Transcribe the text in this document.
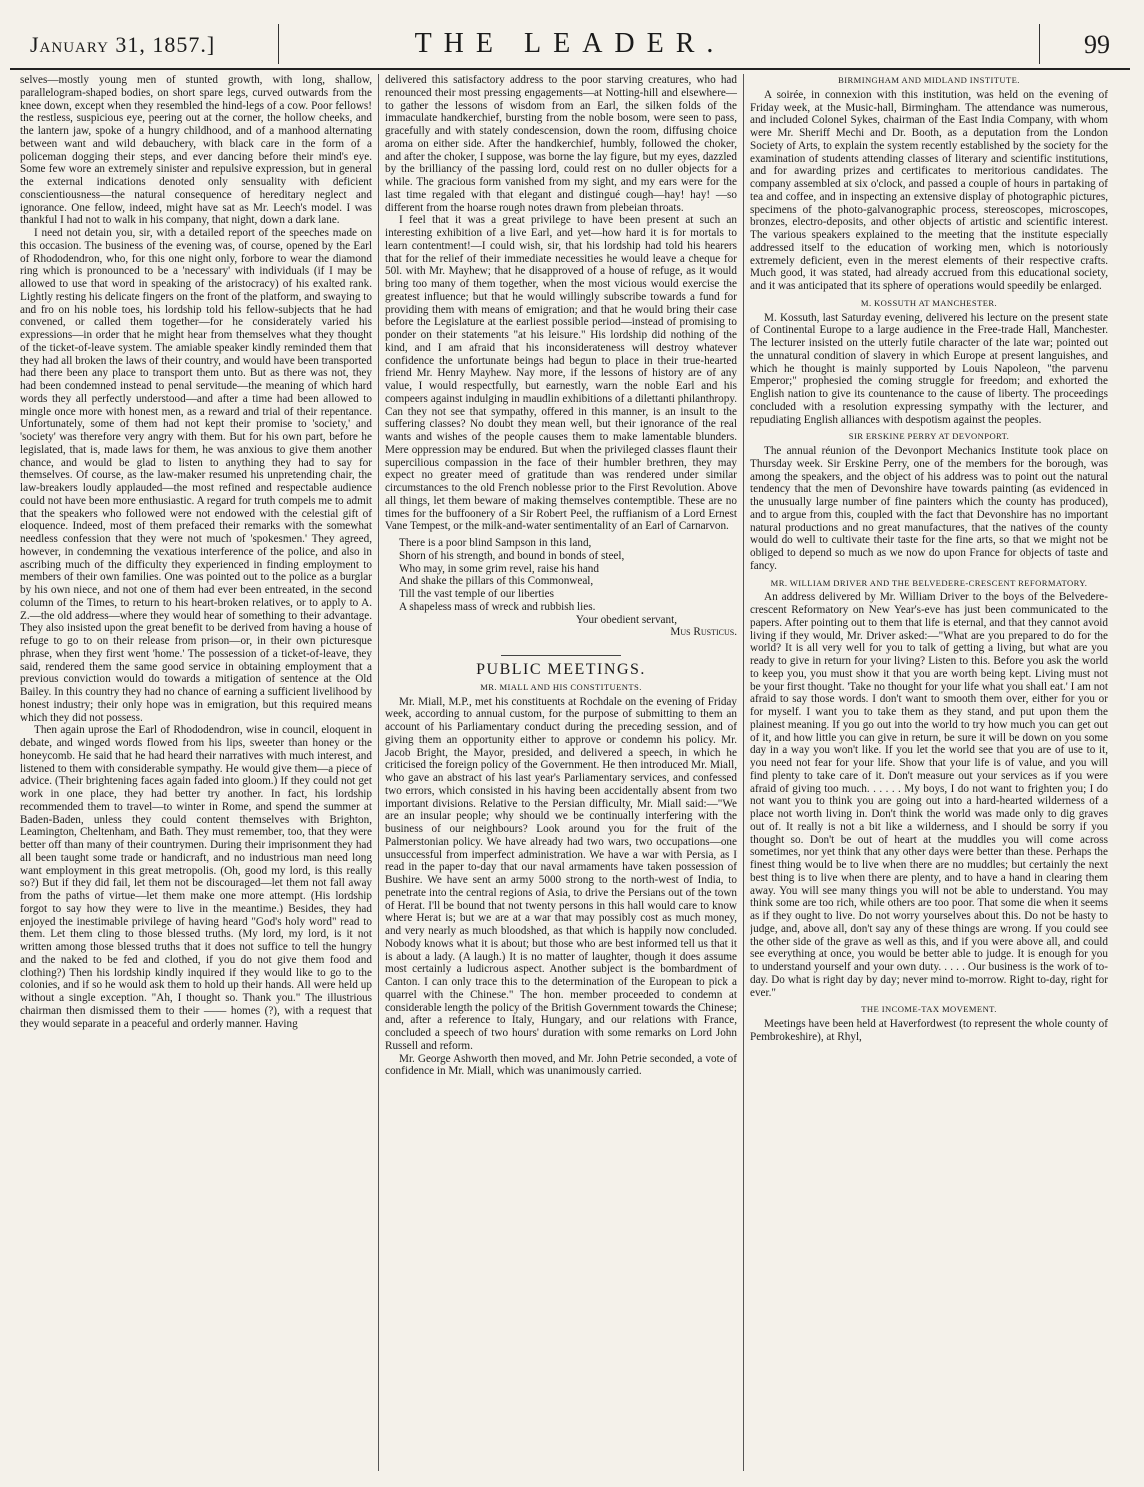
January 31, 1857.]	THE LEADER.	99

selves—mostly young men of stunted growth, with long, shallow, parallelogram-shaped bodies, on short spare legs, curved outwards from the knee down, except when they resembled the hind-legs of a cow. Poor fellows! the restless, suspicious eye, peering out at the corner, the hollow cheeks, and the lantern jaw, spoke of a hungry childhood, and of a manhood alternating between want and wild debauchery, with black care in the form of a policeman dogging their steps, and ever dancing before their mind's eye. Some few wore an extremely sinister and repulsive expression, but in general the external indications denoted only sensuality with deficient conscientiousness—the natural consequence of hereditary neglect and ignorance. One fellow, indeed, might have sat as Mr. Leech's model. I was thankful I had not to walk in his company, that night, down a dark lane.

I need not detain you, sir, with a detailed report of the speeches made on this occasion. The business of the evening was, of course, opened by the Earl of Rhododendron, who, for this one night only, forbore to wear the diamond ring which is pronounced to be a 'necessary' with individuals (if I may be allowed to use that word in speaking of the aristocracy) of his exalted rank. Lightly resting his delicate fingers on the front of the platform, and swaying to and fro on his noble toes, his lordship told his fellow-subjects that he had convened, or called them together—for he considerately varied his expressions—in order that he might hear from themselves what they thought of the ticket-of-leave system. The amiable speaker kindly reminded them that they had all broken the laws of their country, and would have been transported had there been any place to transport them unto. But as there was not, they had been condemned instead to penal servitude—the meaning of which hard words they all perfectly understood—and after a time had been allowed to mingle once more with honest men, as a reward and trial of their repentance. Unfortunately, some of them had not kept their promise to 'society,' and 'society' was therefore very angry with them. But for his own part, before he legislated, that is, made laws for them, he was anxious to give them another chance, and would be glad to listen to anything they had to say for themselves. Of course, as the law-maker resumed his unpretending chair, the law-breakers loudly applauded—the most refined and respectable audience could not have been more enthusiastic. A regard for truth compels me to admit that the speakers who followed were not endowed with the celestial gift of eloquence. Indeed, most of them prefaced their remarks with the somewhat needless confession that they were not much of 'spokesmen.' They agreed, however, in condemning the vexatious interference of the police, and also in ascribing much of the difficulty they experienced in finding employment to members of their own families. One was pointed out to the police as a burglar by his own niece, and not one of them had ever been entreated, in the second column of the Times, to return to his heart-broken relatives, or to apply to A. Z.—the old address—where they would hear of something to their advantage. They also insisted upon the great benefit to be derived from having a house of refuge to go to on their release from prison—or, in their own picturesque phrase, when they first went 'home.' The possession of a ticket-of-leave, they said, rendered them the same good service in obtaining employment that a previous conviction would do towards a mitigation of sentence at the Old Bailey. In this country they had no chance of earning a sufficient livelihood by honest industry; their only hope was in emigration, but this required means which they did not possess.

Then again uprose the Earl of Rhododendron, wise in council, eloquent in debate, and winged words flowed from his lips, sweeter than honey or the honeycomb. He said that he had heard their narratives with much interest, and listened to them with considerable sympathy. He would give them—a piece of advice. (Their brightening faces again faded into gloom.) If they could not get work in one place, they had better try another. In fact, his lordship recommended them to travel—to winter in Rome, and spend the summer at Baden-Baden, unless they could content themselves with Brighton, Leamington, Cheltenham, and Bath. They must remember, too, that they were better off than many of their countrymen. During their imprisonment they had all been taught some trade or handicraft, and no industrious man need long want employment in this great metropolis. (Oh, good my lord, is this really so?) But if they did fail, let them not be discouraged—let them not fall away from the paths of virtue—let them make one more attempt. (His lordship forgot to say how they were to live in the meantime.) Besides, they had enjoyed the inestimable privilege of having heard "God's holy word" read to them. Let them cling to those blessed truths. (My lord, my lord, is it not written among those blessed truths that it does not suffice to tell the hungry and the naked to be fed and clothed, if you do not give them food and clothing?) Then his lordship kindly inquired if they would like to go to the colonies, and if so he would ask them to hold up their hands. All were held up without a single exception. "Ah, I thought so. Thank you." The illustrious chairman then dismissed them to their —— homes (?), with a request that they would separate in a peaceful and orderly manner. Having

delivered this satisfactory address to the poor starving creatures, who had renounced their most pressing engagements—at Notting-hill and elsewhere—to gather the lessons of wisdom from an Earl, the silken folds of the immaculate handkerchief, bursting from the noble bosom, were seen to pass, gracefully and with stately condescension, down the room, diffusing choice aroma on either side. After the handkerchief, humbly, followed the choker, and after the choker, I suppose, was borne the lay figure, but my eyes, dazzled by the brilliancy of the passing lord, could rest on no duller objects for a while. The gracious form vanished from my sight, and my ears were for the last time regaled with that elegant and distingué cough—hay! hay! —so different from the hoarse rough notes drawn from plebeian throats.

I feel that it was a great privilege to have been present at such an interesting exhibition of a live Earl, and yet—how hard it is for mortals to learn contentment!—I could wish, sir, that his lordship had told his hearers that for the relief of their immediate necessities he would leave a cheque for 50l. with Mr. Mayhew; that he disapproved of a house of refuge, as it would bring too many of them together, when the most vicious would exercise the greatest influence; but that he would willingly subscribe towards a fund for providing them with means of emigration; and that he would bring their case before the Legislature at the earliest possible period—instead of promising to ponder on their statements "at his leisure." His lordship did nothing of the kind, and I am afraid that his inconsiderateness will destroy whatever confidence the unfortunate beings had begun to place in their true-hearted friend Mr. Henry Mayhew. Nay more, if the lessons of history are of any value, I would respectfully, but earnestly, warn the noble Earl and his compeers against indulging in maudlin exhibitions of a dilettanti philanthropy. Can they not see that sympathy, offered in this manner, is an insult to the suffering classes? No doubt they mean well, but their ignorance of the real wants and wishes of the people causes them to make lamentable blunders. Mere oppression may be endured. But when the privileged classes flaunt their supercilious compassion in the face of their humbler brethren, they may expect no greater meed of gratitude than was rendered under similar circumstances to the old French noblesse prior to the First Revolution. Above all things, let them beware of making themselves contemptible. These are no times for the buffoonery of a Sir Robert Peel, the ruffianism of a Lord Ernest Vane Tempest, or the milk-and-water sentimentality of an Earl of Carnarvon.

There is a poor blind Sampson in this land,
Shorn of his strength, and bound in bonds of steel,
Who may, in some grim revel, raise his hand
And shake the pillars of this Commonweal,
Till the vast temple of our liberties
A shapeless mass of wreck and rubbish lies.

Your obedient servant,

Mus Rusticus.

PUBLIC MEETINGS.
MR. MIALL AND HIS CONSTITUENTS.

Mr. Miall, M.P., met his constituents at Rochdale on the evening of Friday week, according to annual custom, for the purpose of submitting to them an account of his Parliamentary conduct during the preceding session, and of giving them an opportunity either to approve or condemn his policy. Mr. Jacob Bright, the Mayor, presided, and delivered a speech, in which he criticised the foreign policy of the Government. He then introduced Mr. Miall, who gave an abstract of his last year's Parliamentary services, and confessed two errors, which consisted in his having been accidentally absent from two important divisions. Relative to the Persian difficulty, Mr. Miall said:—"We are an insular people; why should we be continually interfering with the business of our neighbours? Look around you for the fruit of the Palmerstonian policy. We have already had two wars, two occupations—one unsuccessful from imperfect administration. We have a war with Persia, as I read in the paper to-day that our naval armaments have taken possession of Bushire. We have sent an army 5000 strong to the north-west of India, to penetrate into the central regions of Asia, to drive the Persians out of the town of Herat. I'll be bound that not twenty persons in this hall would care to know where Herat is; but we are at a war that may possibly cost as much money, and very nearly as much bloodshed, as that which is happily now concluded. Nobody knows what it is about; but those who are best informed tell us that it is about a lady. (A laugh.) It is no matter of laughter, though it does assume most certainly a ludicrous aspect. Another subject is the bombardment of Canton. I can only trace this to the determination of the European to pick a quarrel with the Chinese." The hon. member proceeded to condemn at considerable length the policy of the British Government towards the Chinese; and, after a reference to Italy, Hungary, and our relations with France, concluded a speech of two hours' duration with some remarks on Lord John Russell and reform.

Mr. George Ashworth then moved, and Mr. John Petrie seconded, a vote of confidence in Mr. Miall, which was unanimously carried.

BIRMINGHAM AND MIDLAND INSTITUTE.

A soirée, in connexion with this institution, was held on the evening of Friday week, at the Music-hall, Birmingham. The attendance was numerous, and included Colonel Sykes, chairman of the East India Company, with whom were Mr. Sheriff Mechi and Dr. Booth, as a deputation from the London Society of Arts, to explain the system recently established by the society for the examination of students attending classes of literary and scientific institutions, and for awarding prizes and certificates to meritorious candidates. The company assembled at six o'clock, and passed a couple of hours in partaking of tea and coffee, and in inspecting an extensive display of photographic pictures, specimens of the photo-galvanographic process, stereoscopes, microscopes, bronzes, electro-deposits, and other objects of artistic and scientific interest. The various speakers explained to the meeting that the institute especially addressed itself to the education of working men, which is notoriously extremely deficient, even in the merest elements of their respective crafts. Much good, it was stated, had already accrued from this educational society, and it was anticipated that its sphere of operations would speedily be enlarged.

M. KOSSUTH AT MANCHESTER.

M. Kossuth, last Saturday evening, delivered his lecture on the present state of Continental Europe to a large audience in the Free-trade Hall, Manchester. The lecturer insisted on the utterly futile character of the late war; pointed out the unnatural condition of slavery in which Europe at present languishes, and which he thought is mainly supported by Louis Napoleon, "the parvenu Emperor;" prophesied the coming struggle for freedom; and exhorted the English nation to give its countenance to the cause of liberty. The proceedings concluded with a resolution expressing sympathy with the lecturer, and repudiating English alliances with despotism against the peoples.

SIR ERSKINE PERRY AT DEVONPORT.

The annual réunion of the Devonport Mechanics Institute took place on Thursday week. Sir Erskine Perry, one of the members for the borough, was among the speakers, and the object of his address was to point out the natural tendency that the men of Devonshire have towards painting (as evidenced in the unusually large number of fine painters which the county has produced), and to argue from this, coupled with the fact that Devonshire has no important natural productions and no great manufactures, that the natives of the county would do well to cultivate their taste for the fine arts, so that we might not be obliged to depend so much as we now do upon France for objects of taste and fancy.

MR. WILLIAM DRIVER AND THE BELVEDERE-CRESCENT REFORMATORY.

An address delivered by Mr. William Driver to the boys of the Belvedere-crescent Reformatory on New Year's-eve has just been communicated to the papers. After pointing out to them that life is eternal, and that they cannot avoid living if they would, Mr. Driver asked:—"What are you prepared to do for the world? It is all very well for you to talk of getting a living, but what are you ready to give in return for your living? Listen to this. Before you ask the world to keep you, you must show it that you are worth being kept. Living must not be your first thought. 'Take no thought for your life what you shall eat.' I am not afraid to say those words. I don't want to smooth them over, either for you or for myself. I want you to take them as they stand, and put upon them the plainest meaning. If you go out into the world to try how much you can get out of it, and how little you can give in return, be sure it will be down on you some day in a way you won't like. If you let the world see that you are of use to it, you need not fear for your life. Show that your life is of value, and you will find plenty to take care of it. Don't measure out your services as if you were afraid of giving too much. . . . . . My boys, I do not want to frighten you; I do not want you to think you are going out into a hard-hearted wilderness of a place not worth living in. Don't think the world was made only to dig graves out of. It really is not a bit like a wilderness, and I should be sorry if you thought so. Don't be out of heart at the muddles you will come across sometimes, nor yet think that any other days were better than these. Perhaps the finest thing would be to live when there are no muddles; but certainly the next best thing is to live when there are plenty, and to have a hand in clearing them away. You will see many things you will not be able to understand. You may think some are too rich, while others are too poor. That some die when it seems as if they ought to live. Do not worry yourselves about this. Do not be hasty to judge, and, above all, don't say any of these things are wrong. If you could see the other side of the grave as well as this, and if you were above all, and could see everything at once, you would be better able to judge. It is enough for you to understand yourself and your own duty. . . . . Our business is the work of to-day. Do what is right day by day; never mind to-morrow. Right to-day, right for ever."

THE INCOME-TAX MOVEMENT.

Meetings have been held at Haverfordwest (to represent the whole county of Pembrokeshire), at Rhyl,
